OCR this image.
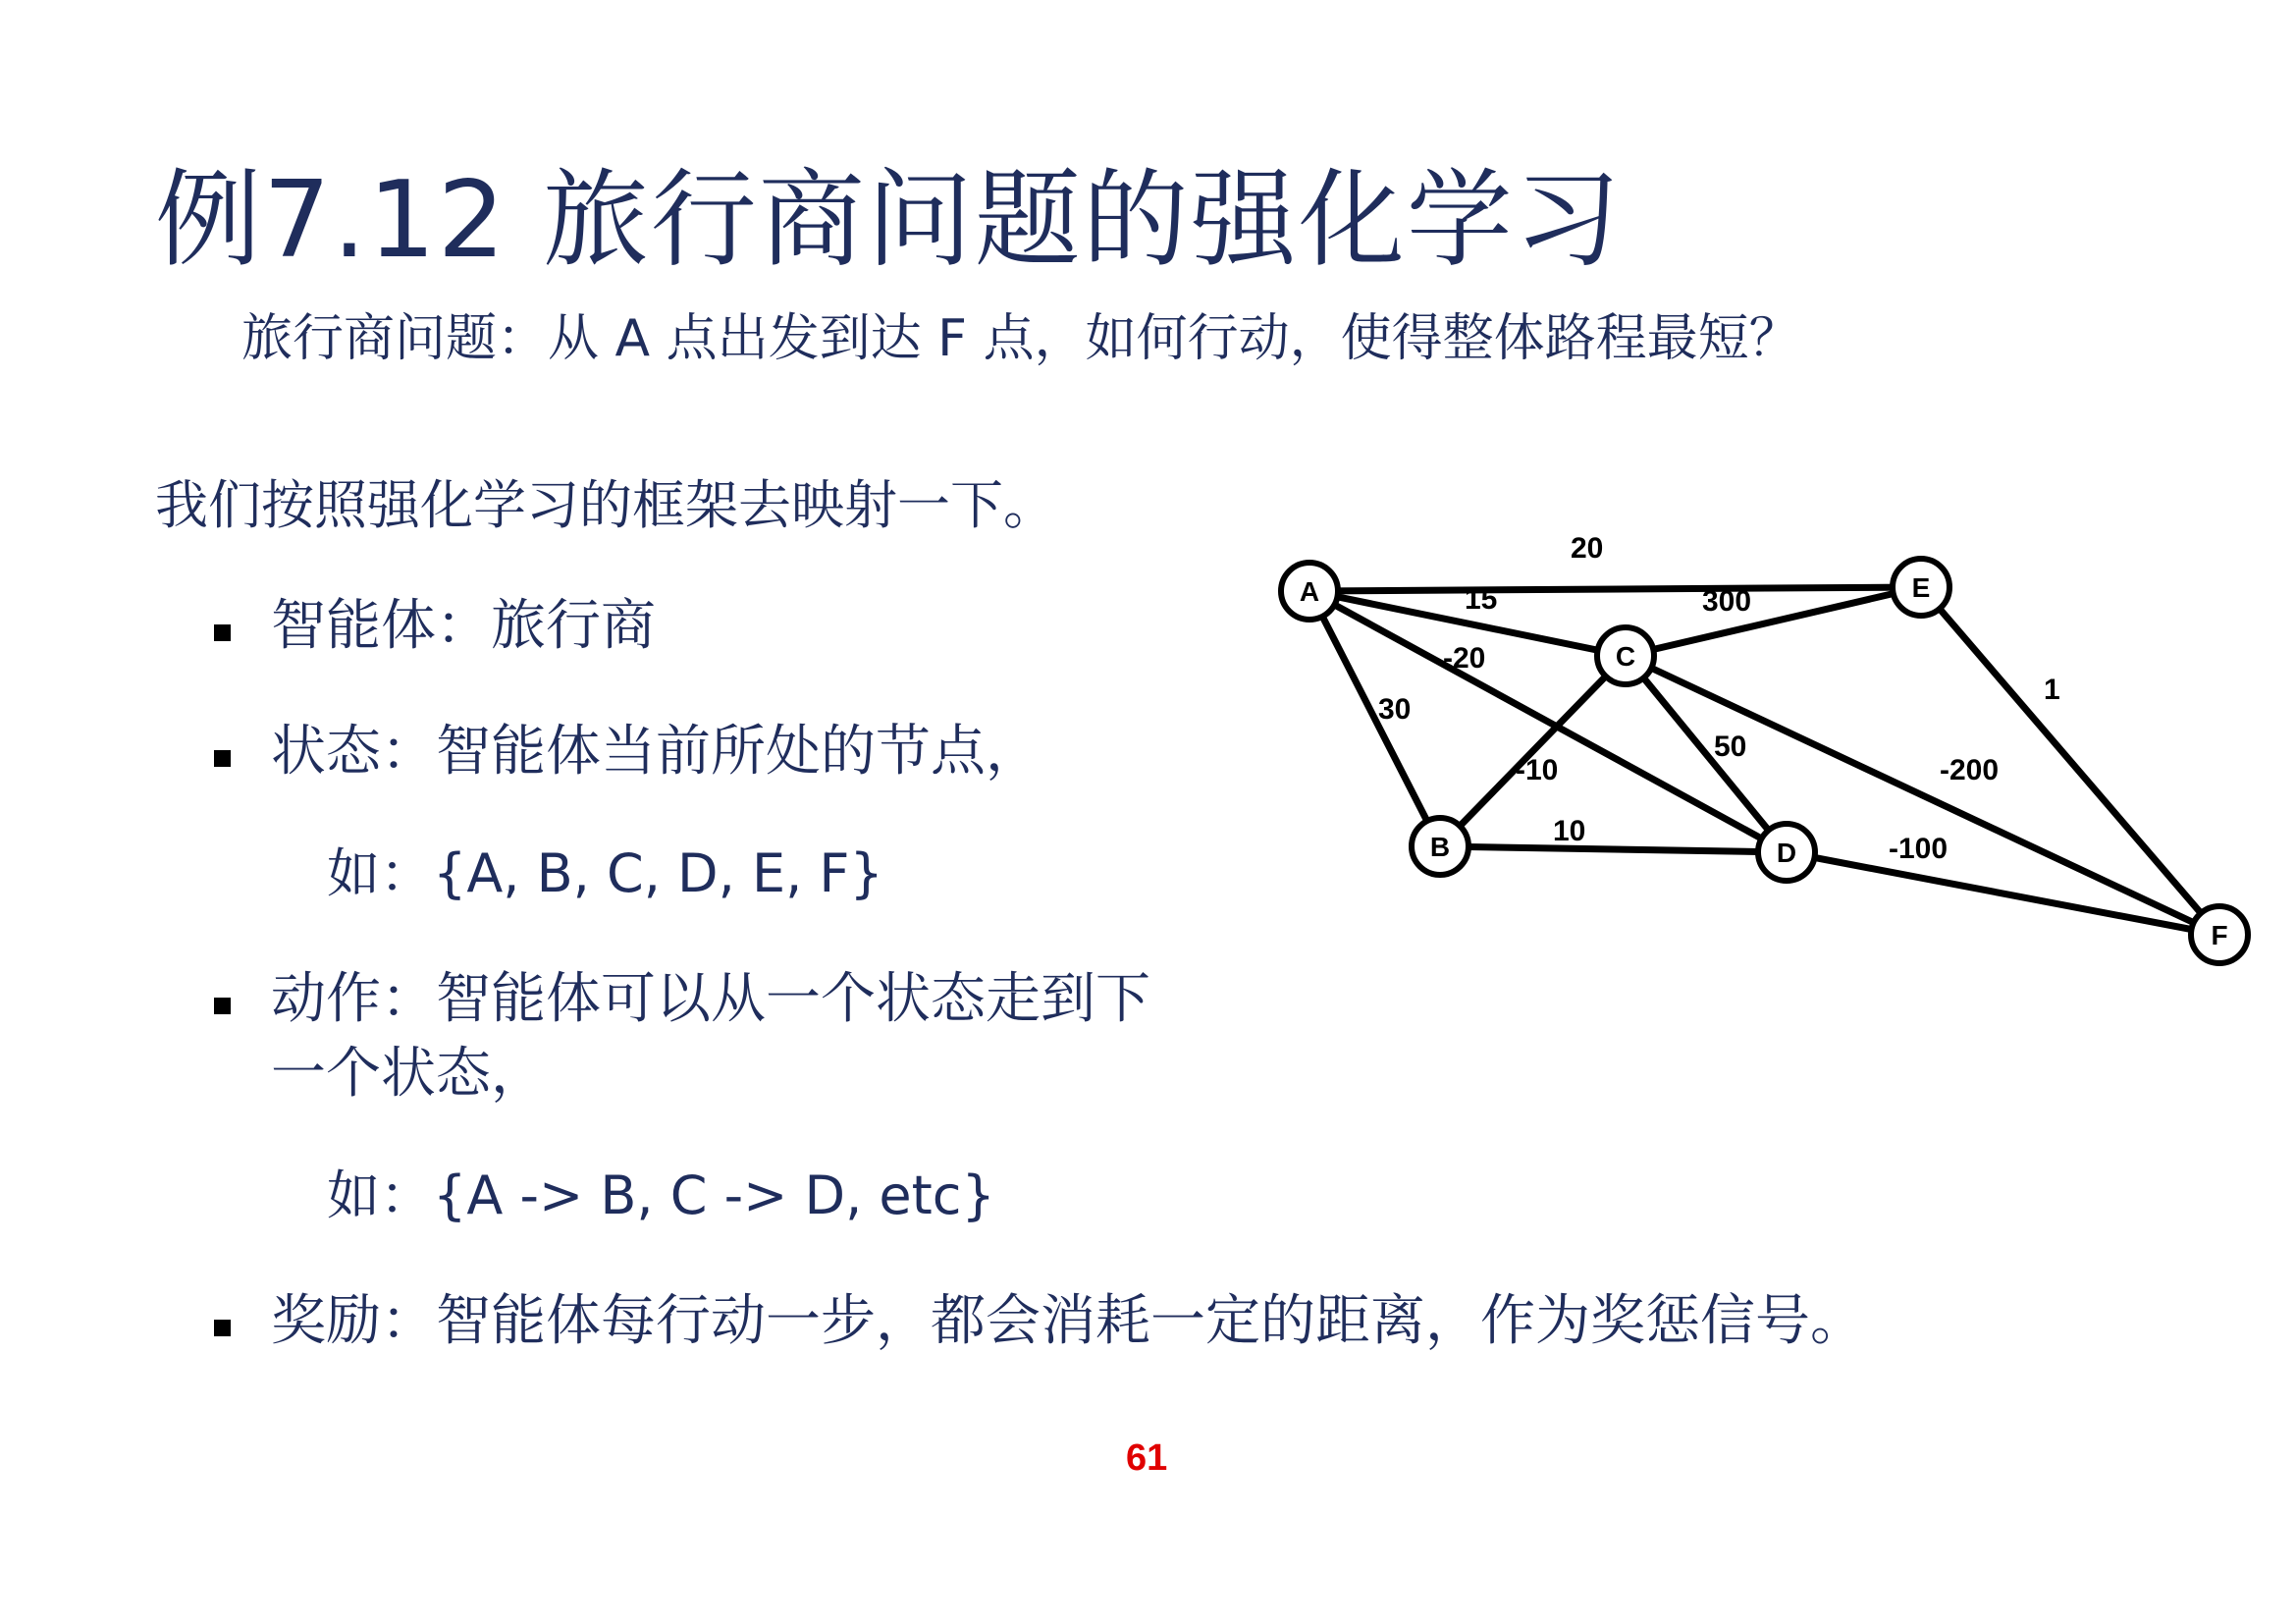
例7.12 旅行商问题的强化学习
旅行商问题：从 A 点出发到达 F 点，如何行动，使得整体路程最短？
我们按照强化学习的框架去映射一下。
智能体：旅行商
状态：智能体当前所处的节点，
如：{A, B, C, D, E, F}
动作：智能体可以从一个状态走到下
一个状态，
如：{A -> B, C -> D, etc}
奖励：智能体每行动一步，都会消耗一定的距离，作为奖惩信号。
20
15
-20
30
300
-10
50
-200
10
-100
1
A
B
C
D
E
F
61
